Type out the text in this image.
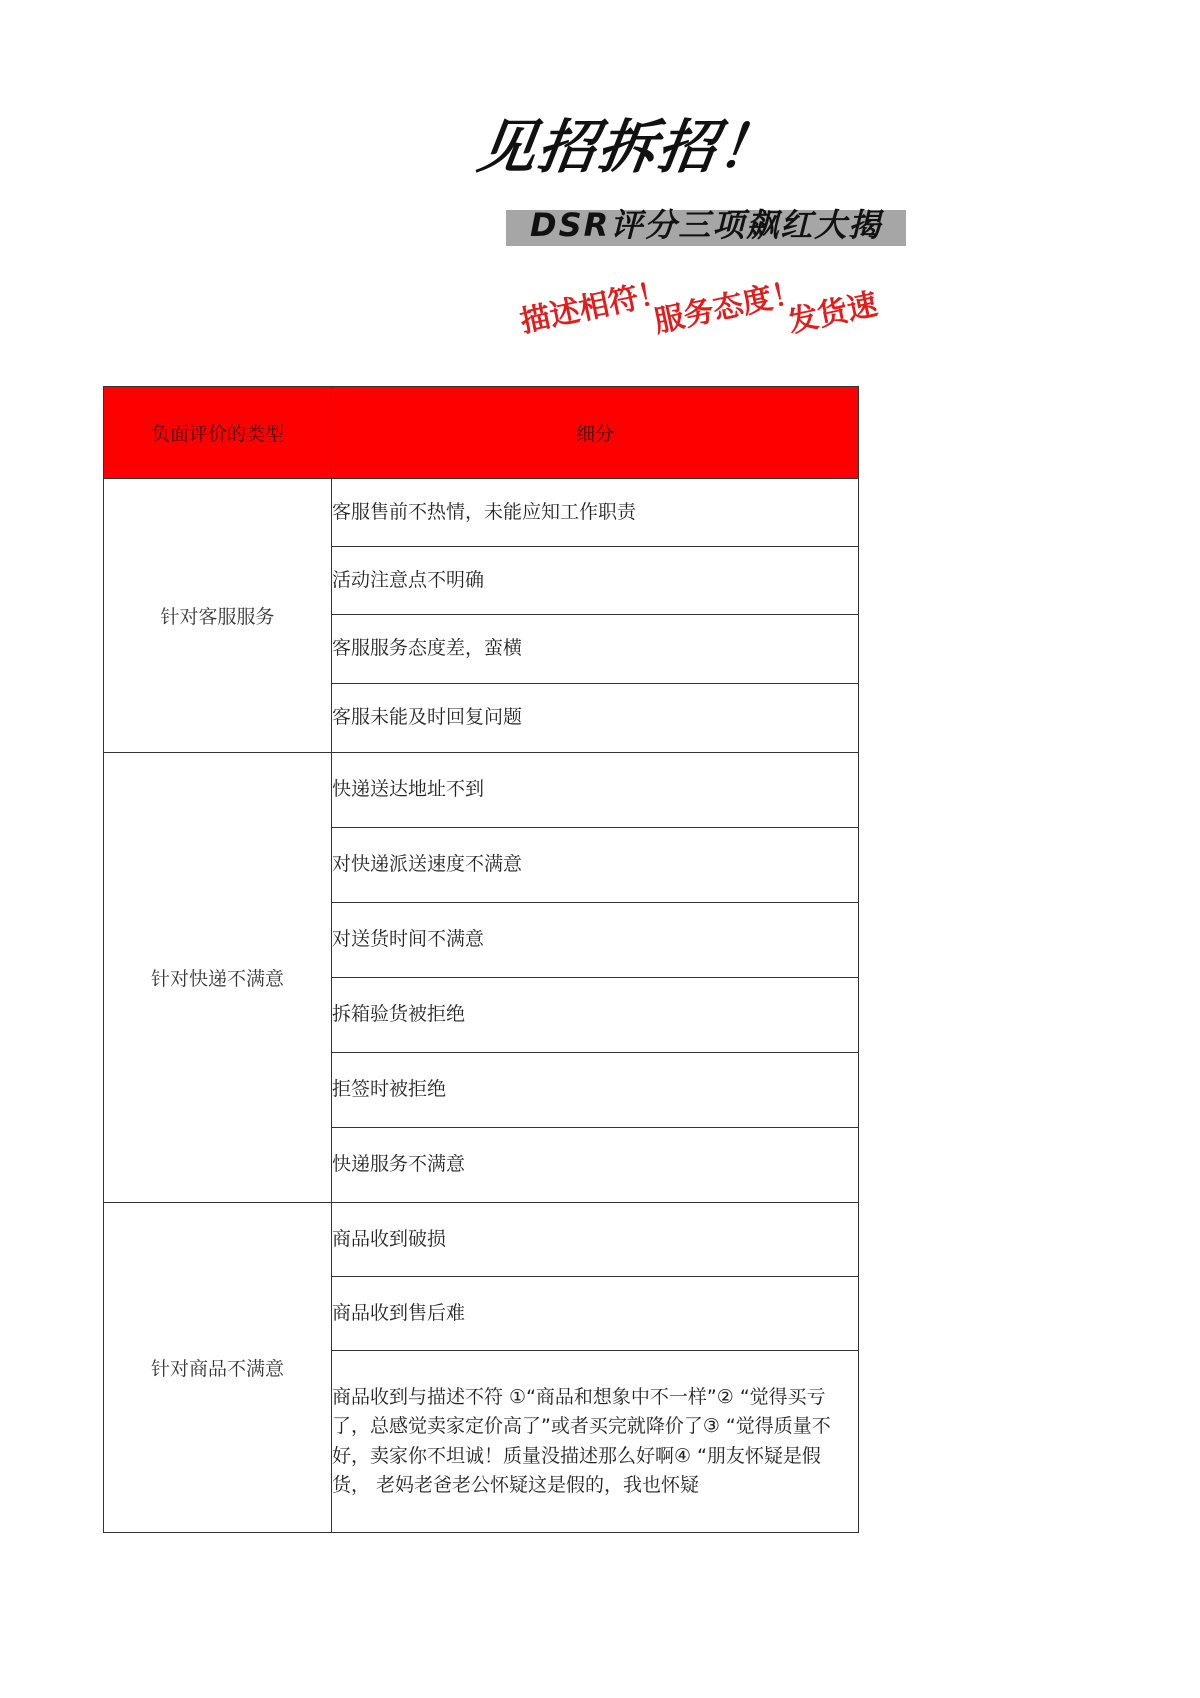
见招拆招！
DSR评分三项飙红大揭
描述相符！
服务态度！
发货速
负面评价的类型	细分
针对客服服务	客服售前不热情，未能应知工作职责
	活动注意点不明确
	客服服务态度差，蛮横
	客服未能及时回复问题
针对快递不满意	快递送达地址不到
	对快递派送速度不满意
	对送货时间不满意
	拆箱验货被拒绝
	拒签时被拒绝
	快递服务不满意
针对商品不满意	商品收到破损
	商品收到售后难
	商品收到与描述不符 ①“商品和想象中不一样”② “觉得买亏了，总感觉卖家定价高了”或者买完就降价了③ “觉得质量不好，卖家你不坦诚！质量没描述那么好啊④ “朋友怀疑是假货， 老妈老爸老公怀疑这是假的，我也怀疑
